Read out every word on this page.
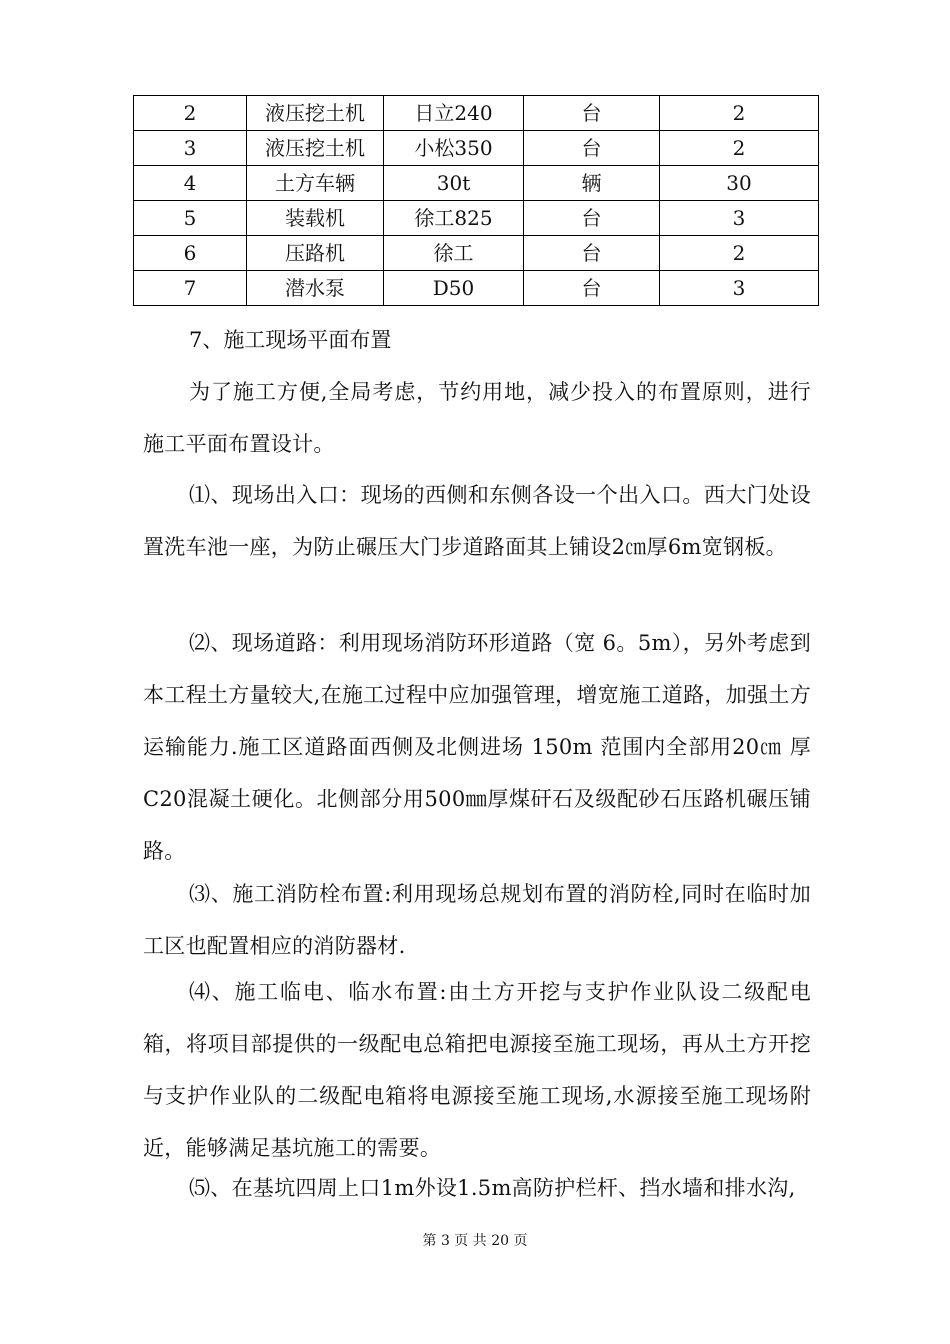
2	液压挖土机	日立240	台	2
3	液压挖土机	小松350	台	2
4	土方车辆	30t	辆	30
5	装载机	徐工825	台	3
6	压路机	徐工	台	2
7	潜水泵	D50	台	3

7、施工现场平面布置

为了施工方便,全局考虑，节约用地，减少投入的布置原则，进行施工平面布置设计。

⑴、现场出入口：现场的西侧和东侧各设一个出入口。西大门处设置洗车池一座，为防止碾压大门步道路面其上铺设2㎝厚6m宽钢板。

⑵、现场道路：利用现场消防环形道路（宽 6。5m），另外考虑到本工程土方量较大,在施工过程中应加强管理，增宽施工道路，加强土方运输能力.施工区道路面西侧及北侧进场 150m 范围内全部用20㎝ 厚C20混凝土硬化。北侧部分用500㎜厚煤矸石及级配砂石压路机碾压铺路。

⑶、施工消防栓布置:利用现场总规划布置的消防栓,同时在临时加工区也配置相应的消防器材.

⑷、施工临电、临水布置:由土方开挖与支护作业队设二级配电箱，将项目部提供的一级配电总箱把电源接至施工现场，再从土方开挖与支护作业队的二级配电箱将电源接至施工现场,水源接至施工现场附近，能够满足基坑施工的需要。

⑸、在基坑四周上口1m外设1.5m高防护栏杆、挡水墙和排水沟,

第 3 页 共 20 页
